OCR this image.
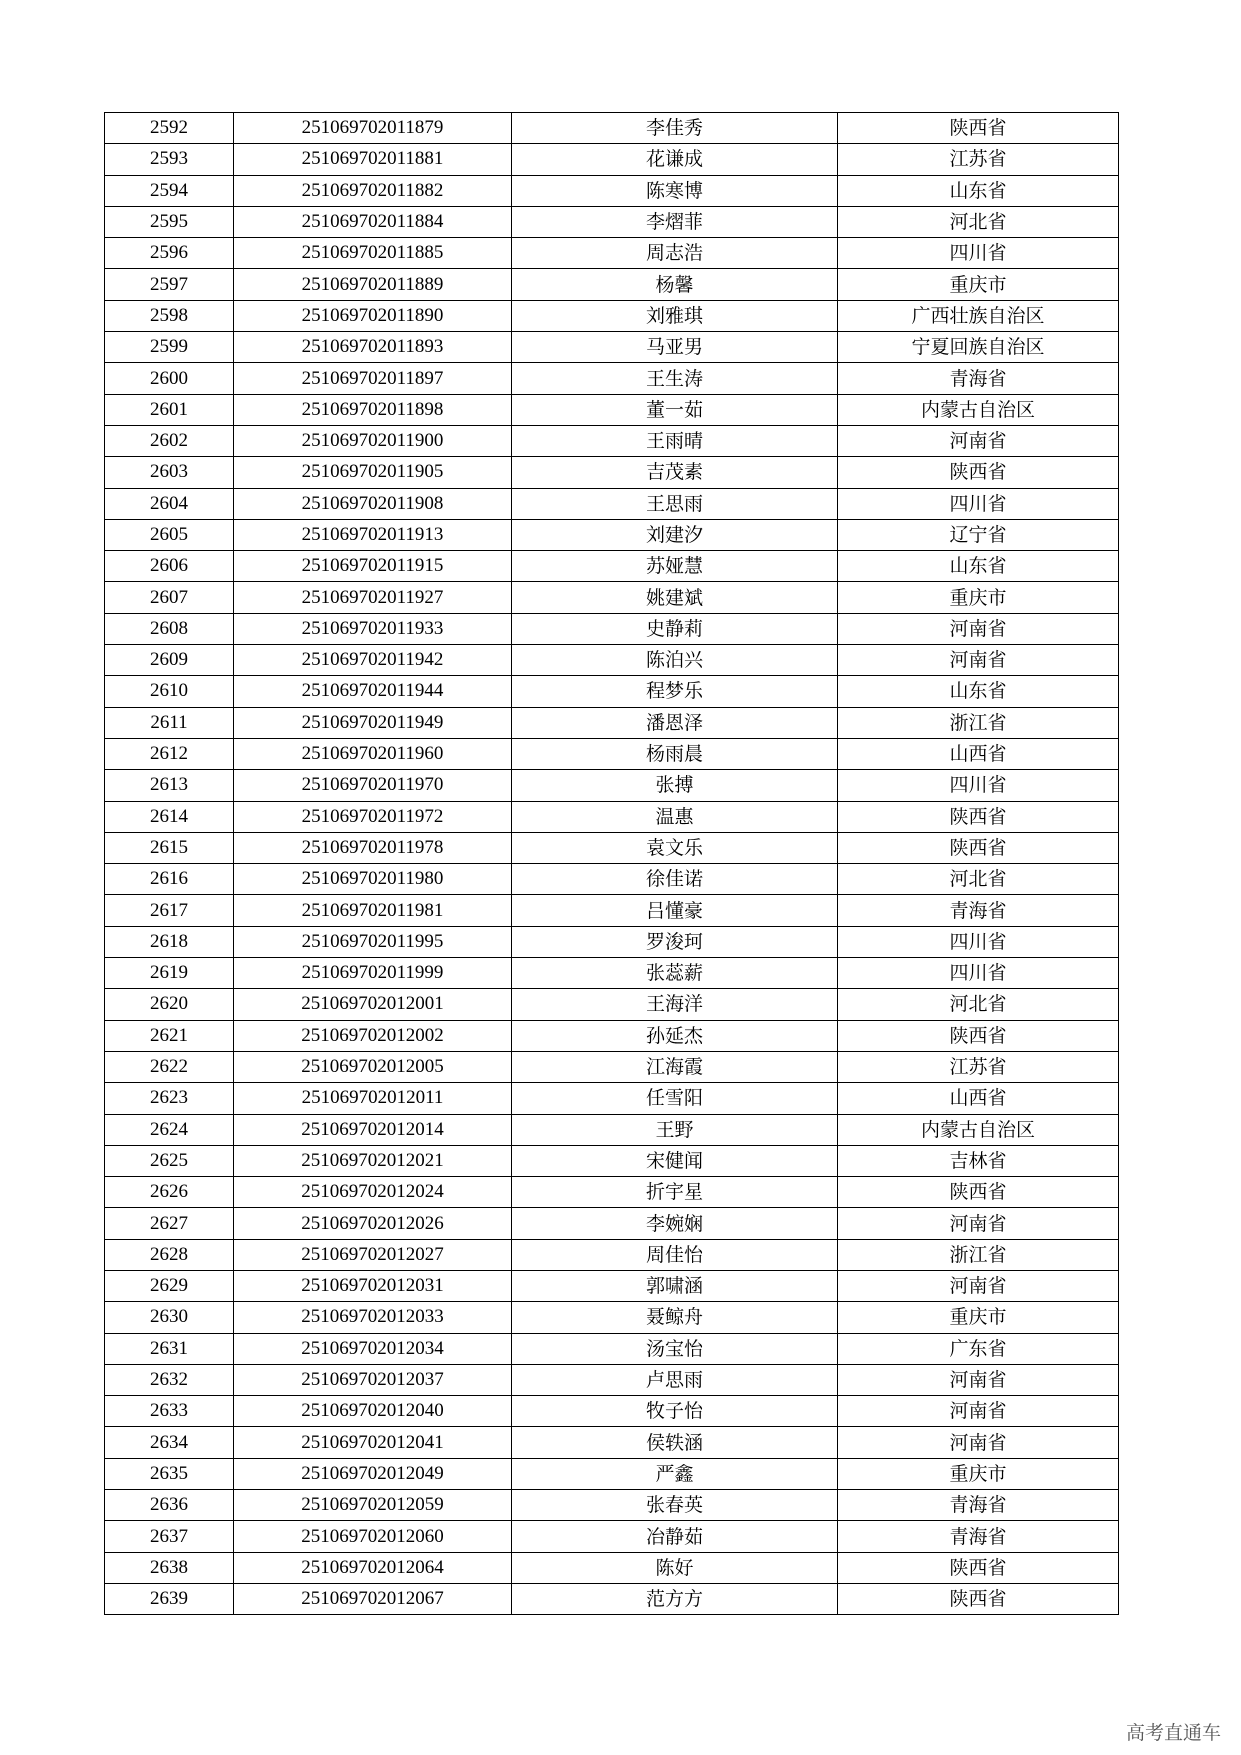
2592	251069702011879	李佳秀	陕西省
2593	251069702011881	花谦成	江苏省
2594	251069702011882	陈寒博	山东省
2595	251069702011884	李熠菲	河北省
2596	251069702011885	周志浩	四川省
2597	251069702011889	杨馨	重庆市
2598	251069702011890	刘雅琪	广西壮族自治区
2599	251069702011893	马亚男	宁夏回族自治区
2600	251069702011897	王生涛	青海省
2601	251069702011898	董一茹	内蒙古自治区
2602	251069702011900	王雨晴	河南省
2603	251069702011905	吉茂素	陕西省
2604	251069702011908	王思雨	四川省
2605	251069702011913	刘建汐	辽宁省
2606	251069702011915	苏娅慧	山东省
2607	251069702011927	姚建斌	重庆市
2608	251069702011933	史静莉	河南省
2609	251069702011942	陈泊兴	河南省
2610	251069702011944	程梦乐	山东省
2611	251069702011949	潘恩泽	浙江省
2612	251069702011960	杨雨晨	山西省
2613	251069702011970	张搏	四川省
2614	251069702011972	温惠	陕西省
2615	251069702011978	袁文乐	陕西省
2616	251069702011980	徐佳诺	河北省
2617	251069702011981	吕懂豪	青海省
2618	251069702011995	罗浚珂	四川省
2619	251069702011999	张蕊薪	四川省
2620	251069702012001	王海洋	河北省
2621	251069702012002	孙延杰	陕西省
2622	251069702012005	江海霞	江苏省
2623	251069702012011	任雪阳	山西省
2624	251069702012014	王野	内蒙古自治区
2625	251069702012021	宋健闻	吉林省
2626	251069702012024	折宇星	陕西省
2627	251069702012026	李婉娴	河南省
2628	251069702012027	周佳怡	浙江省
2629	251069702012031	郭啸涵	河南省
2630	251069702012033	聂鲸舟	重庆市
2631	251069702012034	汤宝怡	广东省
2632	251069702012037	卢思雨	河南省
2633	251069702012040	牧子怡	河南省
2634	251069702012041	侯轶涵	河南省
2635	251069702012049	严鑫	重庆市
2636	251069702012059	张春英	青海省
2637	251069702012060	冶静茹	青海省
2638	251069702012064	陈好	陕西省
2639	251069702012067	范方方	陕西省
高考直通车
